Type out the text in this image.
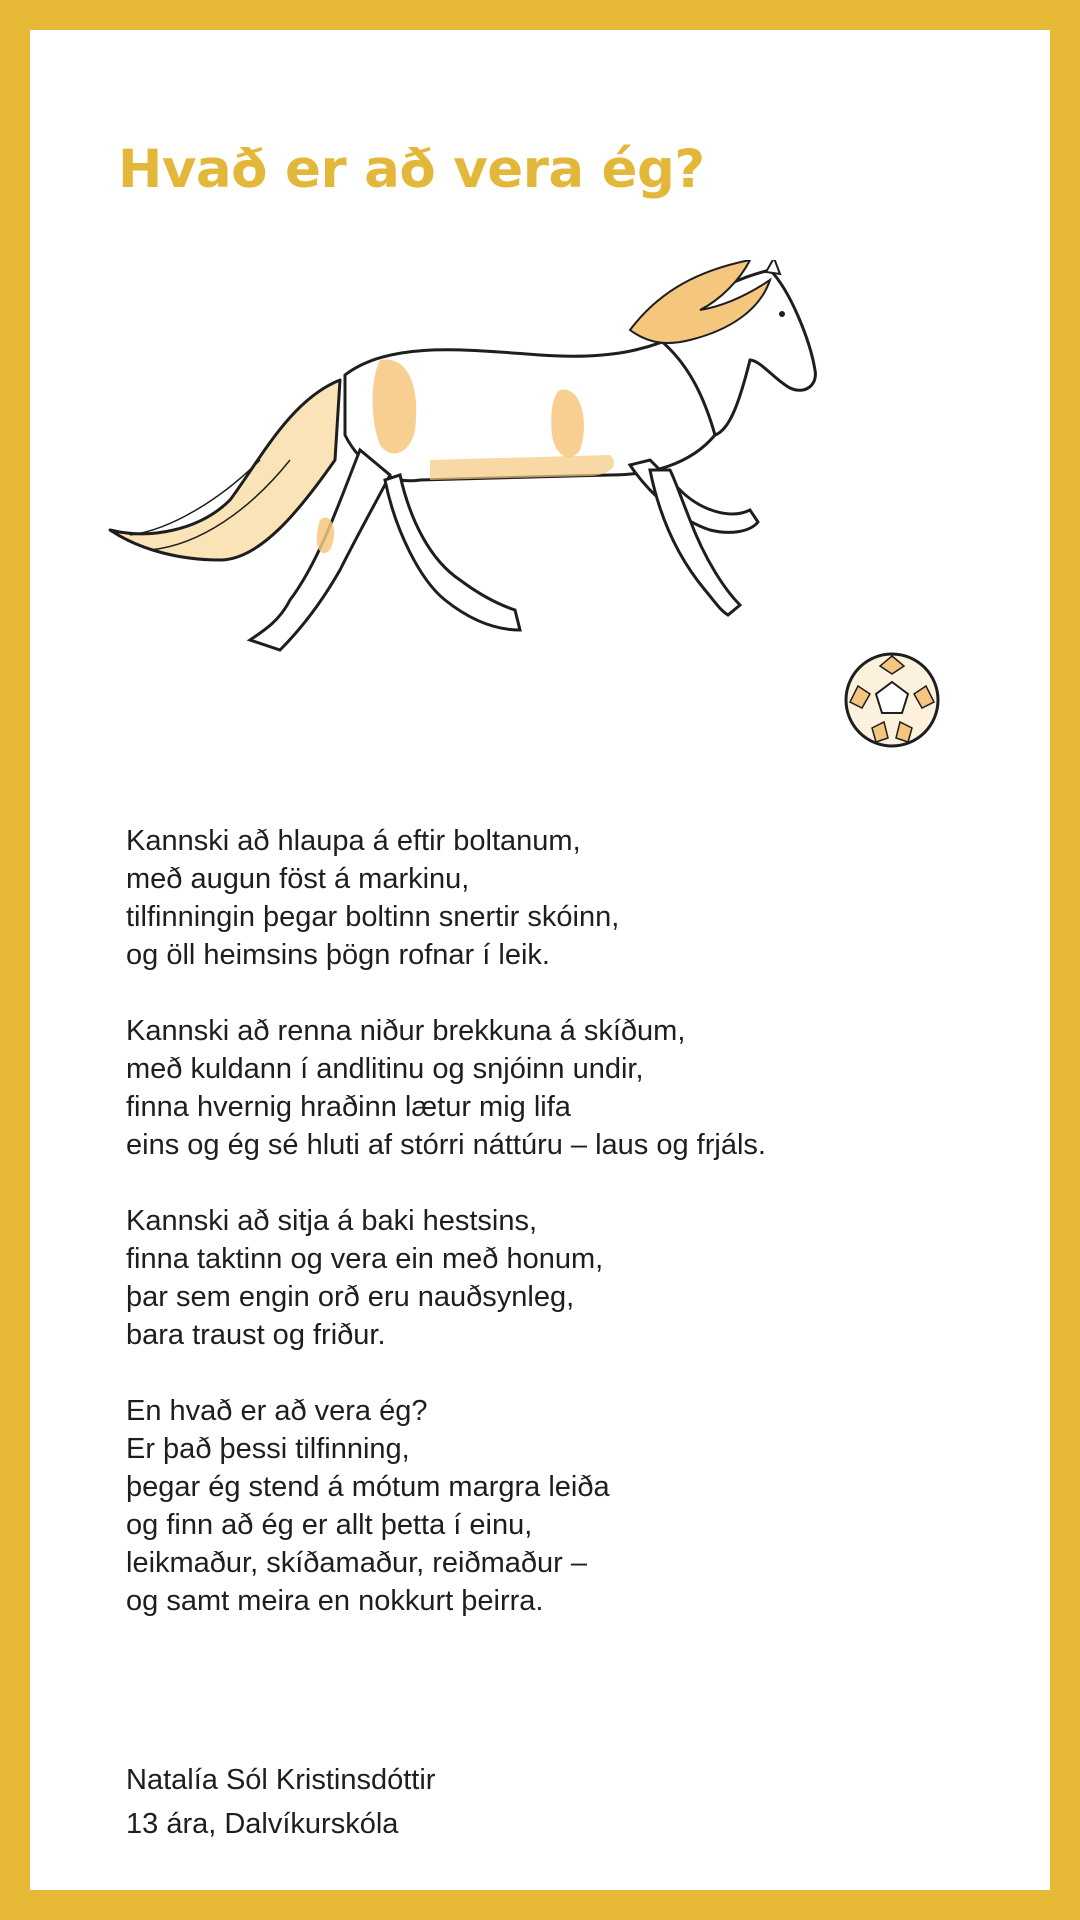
Hvað er að vera ég?
Kannski að hlaupa á eftir boltanum,
með augun föst á markinu,
tilfinningin þegar boltinn snertir skóinn,
og öll heimsins þögn rofnar í leik.
Kannski að renna niður brekkuna á skíðum,
með kuldann í andlitinu og snjóinn undir,
finna hvernig hraðinn lætur mig lifa
eins og ég sé hluti af stórri náttúru – laus og frjáls.
Kannski að sitja á baki hestsins,
finna taktinn og vera ein með honum,
þar sem engin orð eru nauðsynleg,
bara traust og friður.
En hvað er að vera ég?
Er það þessi tilfinning,
þegar ég stend á mótum margra leiða
og finn að ég er allt þetta í einu,
leikmaður, skíðamaður, reiðmaður –
og samt meira en nokkurt þeirra.
Natalía Sól Kristinsdóttir
13 ára, Dalvíkurskóla
